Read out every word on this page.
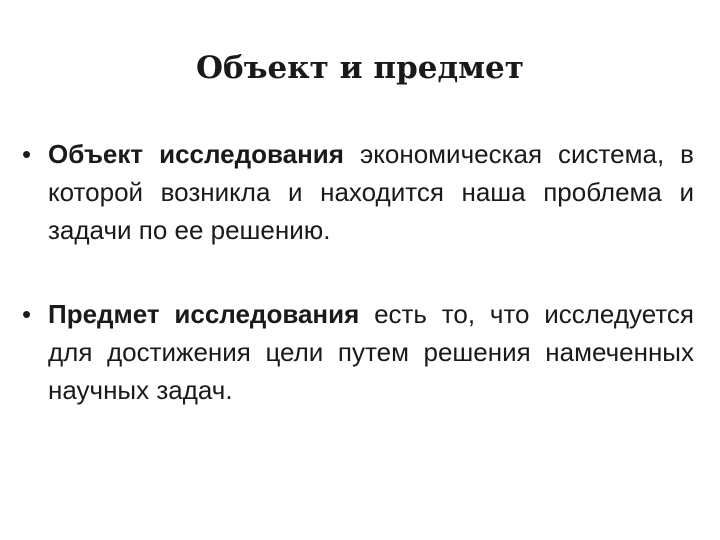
Объект и предмет
• Объект исследования экономическая система, в которой возникла и находится наша проблема и задачи по ее решению.
• Предмет исследования есть то, что исследуется для достижения цели путем решения намеченных научных задач.
